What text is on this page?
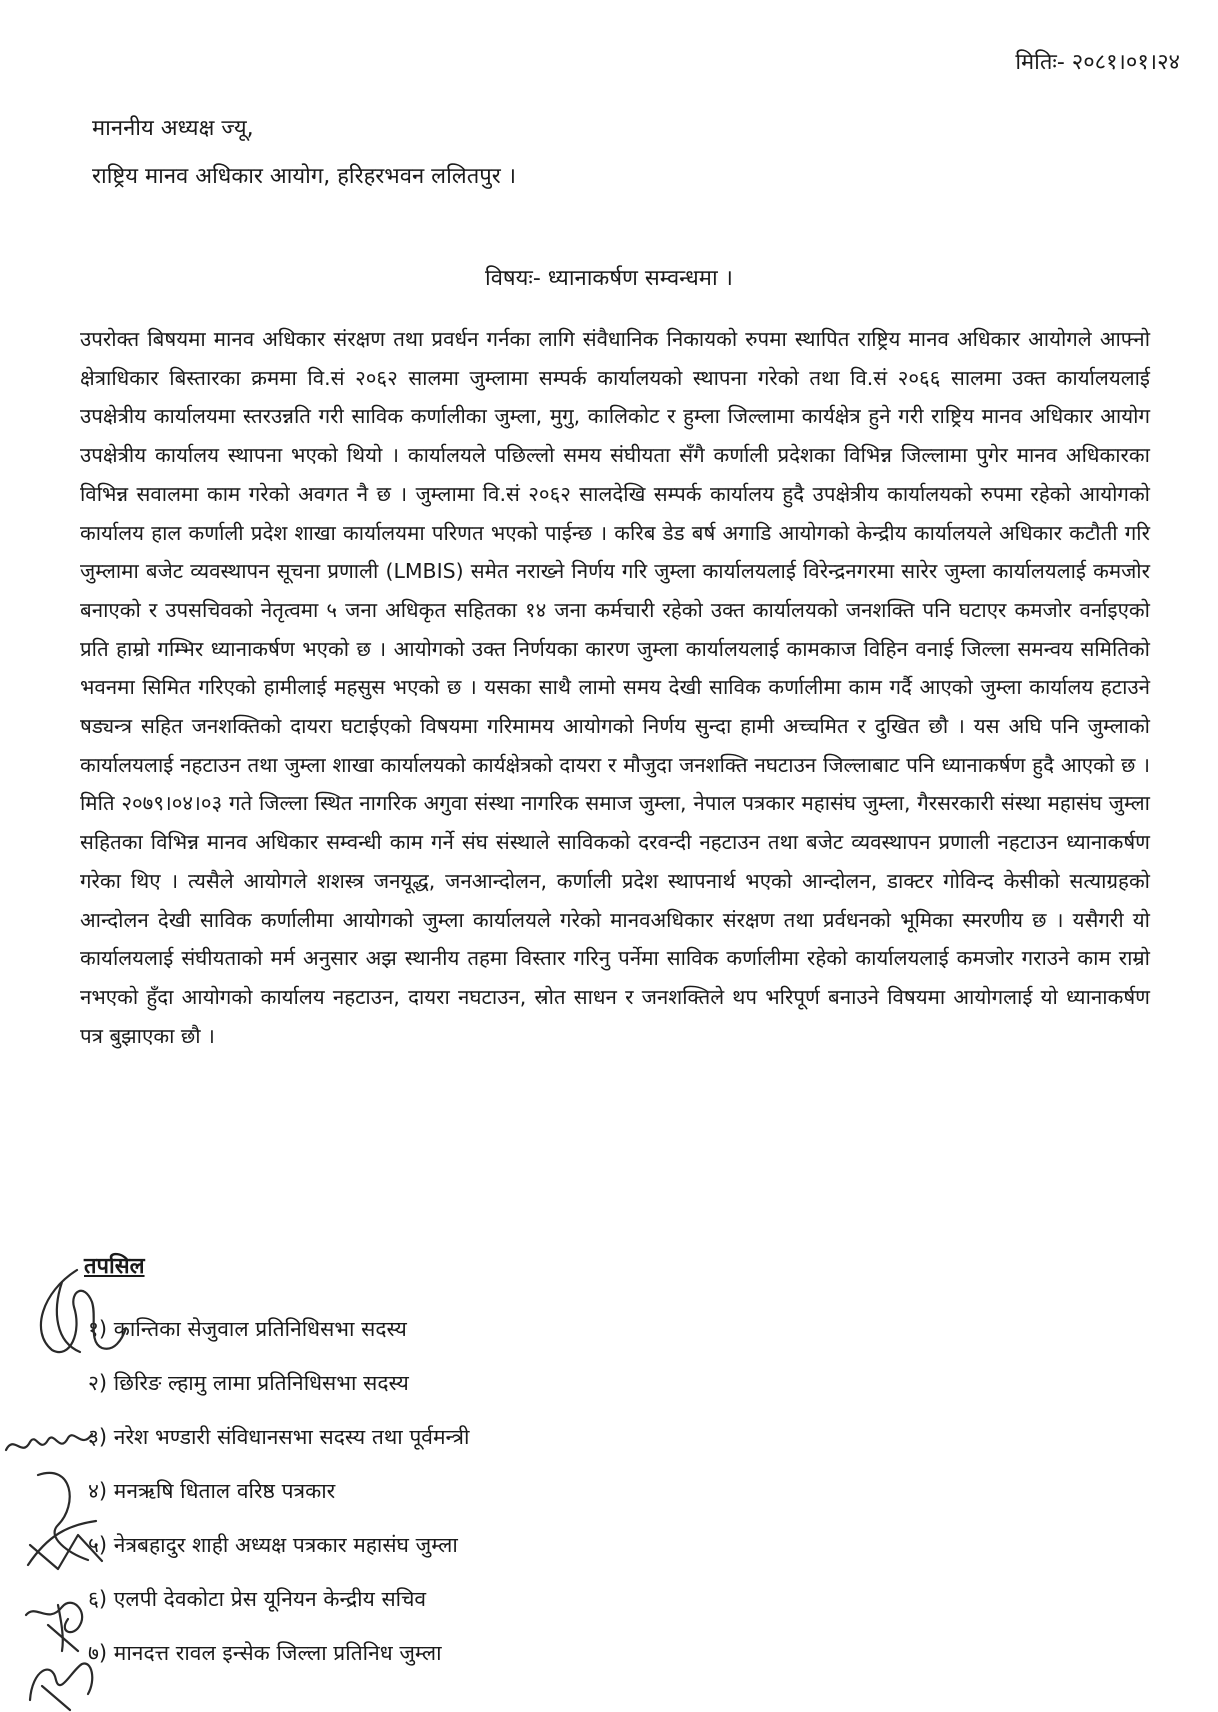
मितिः- २०८१।०१।२४
माननीय अध्यक्ष ज्यू,
राष्ट्रिय मानव अधिकार आयोग, हरिहरभवन ललितपुर ।
विषयः- ध्यानाकर्षण सम्वन्धमा ।
उपरोक्त बिषयमा मानव अधिकार संरक्षण तथा प्रवर्धन गर्नका लागि संवैधानिक निकायको रुपमा स्थापित राष्ट्रिय मानव अधिकार आयोगले आफ्नो क्षेत्राधिकार बिस्तारका क्रममा वि.सं २०६२ सालमा जुम्लामा सम्पर्क कार्यालयको स्थापना गरेको तथा वि.सं २०६६ सालमा उक्त कार्यालयलाई उपक्षेत्रीय कार्यालयमा स्तरउन्नति गरी साविक कर्णालीका जुम्ला, मुगु, कालिकोट र हुम्ला जिल्लामा कार्यक्षेत्र हुने गरी राष्ट्रिय मानव अधिकार आयोग उपक्षेत्रीय कार्यालय स्थापना भएको थियो । कार्यालयले पछिल्लो समय संघीयता सँगै कर्णाली प्रदेशका विभिन्न जिल्लामा पुगेर मानव अधिकारका विभिन्न सवालमा काम गरेको अवगत नै छ । जुम्लामा वि.सं २०६२ सालदेखि सम्पर्क कार्यालय हुदै उपक्षेत्रीय कार्यालयको रुपमा रहेको आयोगको कार्यालय हाल कर्णाली प्रदेश शाखा कार्यालयमा परिणत भएको पाईन्छ । करिब डेड बर्ष अगाडि आयोगको केन्द्रीय कार्यालयले अधिकार कटौती गरि जुम्लामा बजेट व्यवस्थापन सूचना प्रणाली (LMBIS) समेत नराख्ने निर्णय गरि जुम्ला कार्यालयलाई विरेन्द्रनगरमा सारेर जुम्ला कार्यालयलाई कमजोर बनाएको र उपसचिवको नेतृत्वमा ५ जना अधिकृत सहितका १४ जना कर्मचारी रहेको उक्त कार्यालयको जनशक्ति पनि घटाएर कमजोर वर्नाइएको प्रति हाम्रो गम्भिर ध्यानाकर्षण भएको छ । आयोगको उक्त निर्णयका कारण जुम्ला कार्यालयलाई कामकाज विहिन वनाई जिल्ला समन्वय समितिको भवनमा सिमित गरिएको हामीलाई महसुस भएको छ । यसका साथै लामो समय देखी साविक कर्णालीमा काम गर्दै आएको जुम्ला कार्यालय हटाउने षड्यन्त्र सहित जनशक्तिको दायरा घटाईएको विषयमा गरिमामय आयोगको निर्णय सुन्दा हामी अच्चमित र दुखित छौ । यस अघि पनि जुम्लाको कार्यालयलाई नहटाउन तथा जुम्ला शाखा कार्यालयको कार्यक्षेत्रको दायरा र मौजुदा जनशक्ति नघटाउन जिल्लाबाट पनि ध्यानाकर्षण हुदै आएको छ । मिति २०७९।०४।०३ गते जिल्ला स्थित नागरिक अगुवा संस्था नागरिक समाज जुम्ला, नेपाल पत्रकार महासंघ जुम्ला, गैरसरकारी संस्था महासंघ जुम्ला सहितका विभिन्न मानव अधिकार सम्वन्धी काम गर्ने संघ संस्थाले साविकको दरवन्दी नहटाउन तथा बजेट व्यवस्थापन प्रणाली नहटाउन ध्यानाकर्षण गरेका थिए । त्यसैले आयोगले शशस्त्र जनयूद्ध, जनआन्दोलन, कर्णाली प्रदेश स्थापनार्थ भएको आन्दोलन, डाक्टर गोविन्द केसीको सत्याग्रहको आन्दोलन देखी साविक कर्णालीमा आयोगको जुम्ला कार्यालयले गरेको मानवअधिकार संरक्षण तथा प्रर्वधनको भूमिका स्मरणीय छ । यसैगरी यो कार्यालयलाई संघीयताको मर्म अनुसार अझ स्थानीय तहमा विस्तार गरिनु पर्नेमा साविक कर्णालीमा रहेको कार्यालयलाई कमजोर गराउने काम राम्रो नभएको हुँदा आयोगको कार्यालय नहटाउन, दायरा नघटाउन, स्रोत साधन र जनशक्तिले थप भरिपूर्ण बनाउने विषयमा आयोगलाई यो ध्यानाकर्षण पत्र बुझाएका छौ ।
तपसिल
१) कान्तिका सेजुवाल प्रतिनिधिसभा सदस्य
२) छिरिङ ल्हामु लामा प्रतिनिधिसभा सदस्य
३) नरेश भण्डारी संविधानसभा सदस्य तथा पूर्वमन्त्री
४) मनऋषि धिताल वरिष्ठ पत्रकार
५) नेत्रबहादुर शाही अध्यक्ष पत्रकार महासंघ जुम्ला
६) एलपी देवकोटा प्रेस यूनियन केन्द्रीय सचिव
७) मानदत्त रावल इन्सेक जिल्ला प्रतिनिध जुम्ला
